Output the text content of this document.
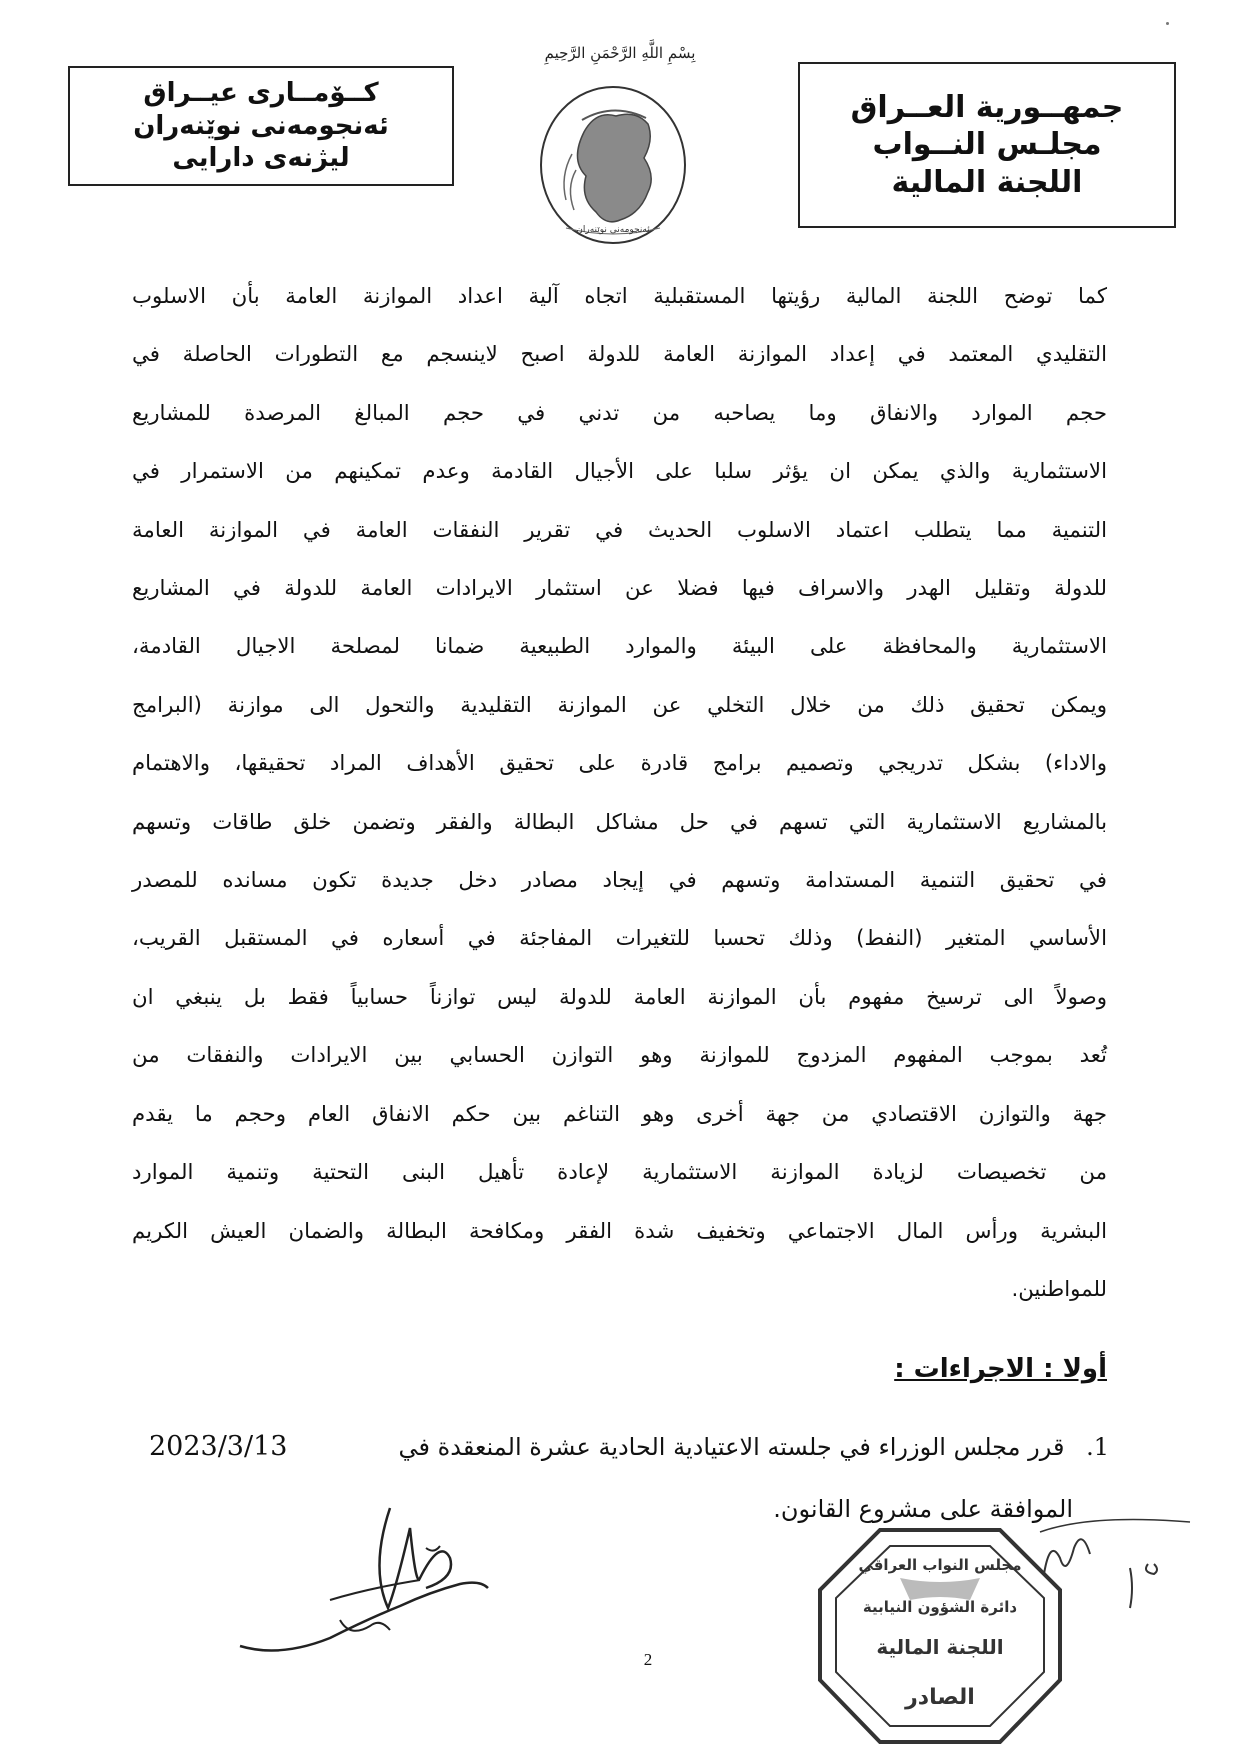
جمهــورية العــراق
مجلـس النــواب
اللجنة المالية
كــۆمــاری عیــراق
ئەنجومەنی نوێنەران
لیژنەی دارایی
بِسْمِ اللَّهِ الرَّحْمَنِ الرَّحِيمِ
ئەنجومەنی نوێنەران
كما توضح اللجنة المالية رؤيتها المستقبلية اتجاه آلية اعداد الموازنة العامة بأن الاسلوب
التقليدي المعتمد في إعداد الموازنة العامة للدولة اصبح لاينسجم مع التطورات الحاصلة في
حجم الموارد والانفاق وما يصاحبه من تدني في حجم المبالغ المرصدة للمشاريع
الاستثمارية والذي يمكن ان يؤثر سلبا على الأجيال القادمة وعدم تمكينهم من الاستمرار في
التنمية مما يتطلب اعتماد الاسلوب الحديث في تقرير النفقات العامة في الموازنة العامة
للدولة وتقليل الهدر والاسراف فيها فضلا عن استثمار الايرادات العامة للدولة في المشاريع
الاستثمارية والمحافظة على البيئة والموارد الطبيعية ضمانا لمصلحة الاجيال القادمة،
ويمكن تحقيق ذلك من خلال التخلي عن الموازنة التقليدية والتحول الى موازنة (البرامج
والاداء) بشكل تدريجي وتصميم برامج قادرة على تحقيق الأهداف المراد تحقيقها، والاهتمام
بالمشاريع الاستثمارية التي تسهم في حل مشاكل البطالة والفقر وتضمن خلق طاقات وتسهم
في تحقيق التنمية المستدامة وتسهم في إيجاد مصادر دخل جديدة تكون مسانده للمصدر
الأساسي المتغير (النفط) وذلك تحسبا للتغيرات المفاجئة في أسعاره في المستقبل القريب،
وصولاً الى ترسيخ مفهوم بأن الموازنة العامة للدولة ليس توازناً حسابياً فقط بل ينبغي ان
تُعد بموجب المفهوم المزدوج للموازنة وهو التوازن الحسابي بين الايرادات والنفقات من
جهة والتوازن الاقتصادي من جهة أخرى وهو التناغم بين حكم الانفاق العام وحجم ما يقدم
من تخصيصات لزيادة الموازنة الاستثمارية لإعادة تأهيل البنى التحتية وتنمية الموارد
البشرية ورأس المال الاجتماعي وتخفيف شدة الفقر ومكافحة البطالة والضمان العيش الكريم
للمواطنين.
أولا : الاجراءات :
1. قرر مجلس الوزراء في جلسته الاعتيادية الحادية عشرة المنعقدة في
2023/3/13
الموافقة على مشروع القانون.
مجلس النواب العراقي
دائرة الشؤون النيابية
اللجنة المالية
الصادر
2
